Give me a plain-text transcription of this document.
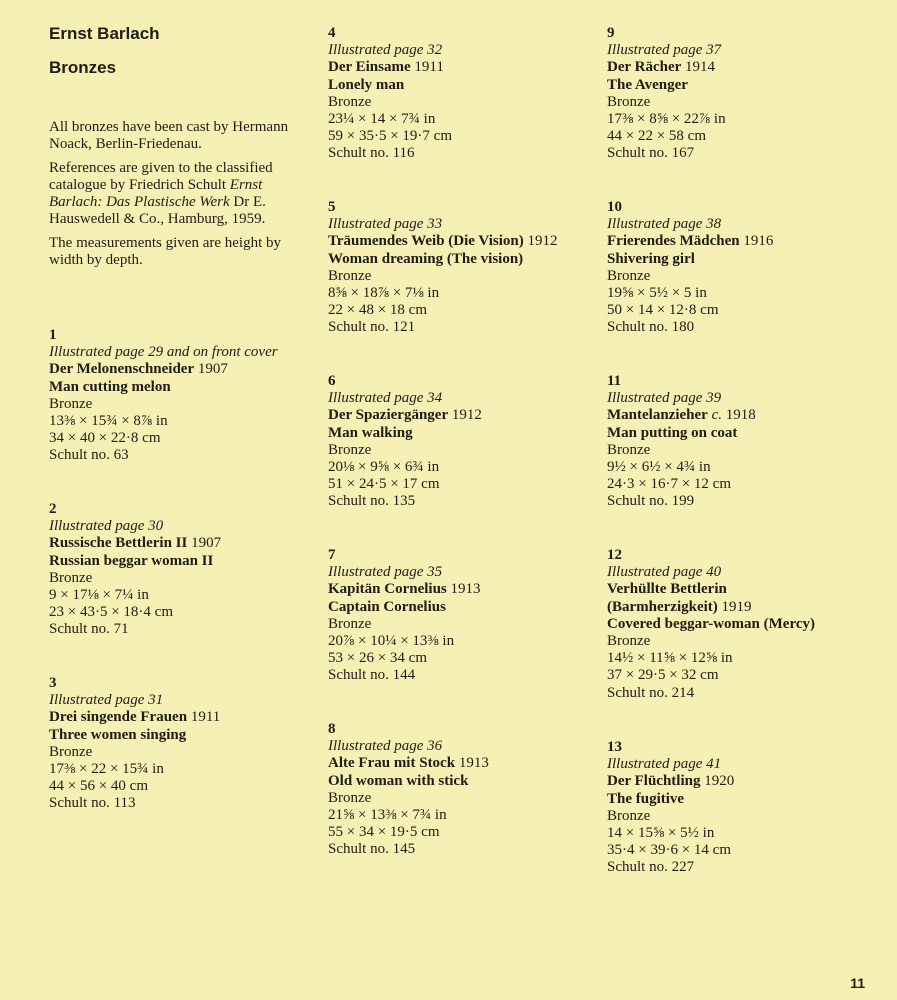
Ernst Barlach
Bronzes

All bronzes have been cast by Hermann Noack, Berlin-Friedenau.

References are given to the classified catalogue by Friedrich Schult Ernst Barlach: Das Plastische Werk Dr E. Hauswedell & Co., Hamburg, 1959.

The measurements given are height by width by depth.

1
Illustrated page 29 and on front cover
Der Melonenschneider 1907
Man cutting melon
Bronze
13⅜ × 15¾ × 8⅞ in
34 × 40 × 22·8 cm
Schult no. 63
2
Illustrated page 30
Russische Bettlerin II 1907
Russian beggar woman II
Bronze
9 × 17⅛ × 7¼ in
23 × 43·5 × 18·4 cm
Schult no. 71
3
Illustrated page 31
Drei singende Frauen 1911
Three women singing
Bronze
17⅜ × 22 × 15¾ in
44 × 56 × 40 cm
Schult no. 113
4
Illustrated page 32
Der Einsame 1911
Lonely man
Bronze
23¼ × 14 × 7¾ in
59 × 35·5 × 19·7 cm
Schult no. 116
5
Illustrated page 33
Träumendes Weib (Die Vision) 1912
Woman dreaming (The vision)
Bronze
8⅝ × 18⅞ × 7⅛ in
22 × 48 × 18 cm
Schult no. 121
6
Illustrated page 34
Der Spaziergänger 1912
Man walking
Bronze
20⅛ × 9⅝ × 6¾ in
51 × 24·5 × 17 cm
Schult no. 135
7
Illustrated page 35
Kapitän Cornelius 1913
Captain Cornelius
Bronze
20⅞ × 10¼ × 13⅜ in
53 × 26 × 34 cm
Schult no. 144
8
Illustrated page 36
Alte Frau mit Stock 1913
Old woman with stick
Bronze
21⅝ × 13⅜ × 7¾ in
55 × 34 × 19·5 cm
Schult no. 145
9
Illustrated page 37
Der Rächer 1914
The Avenger
Bronze
17⅜ × 8⅝ × 22⅞ in
44 × 22 × 58 cm
Schult no. 167
10
Illustrated page 38
Frierendes Mädchen 1916
Shivering girl
Bronze
19⅝ × 5½ × 5 in
50 × 14 × 12·8 cm
Schult no. 180
11
Illustrated page 39
Mantelanzieher c. 1918
Man putting on coat
Bronze
9½ × 6½ × 4¾ in
24·3 × 16·7 × 12 cm
Schult no. 199
12
Illustrated page 40
Verhüllte Bettlerin
(Barmherzigkeit) 1919
Covered beggar-woman (Mercy)
Bronze
14½ × 11⅝ × 12⅝ in
37 × 29·5 × 32 cm
Schult no. 214
13
Illustrated page 41
Der Flüchtling 1920
The fugitive
Bronze
14 × 15⅝ × 5½ in
35·4 × 39·6 × 14 cm
Schult no. 227
11
